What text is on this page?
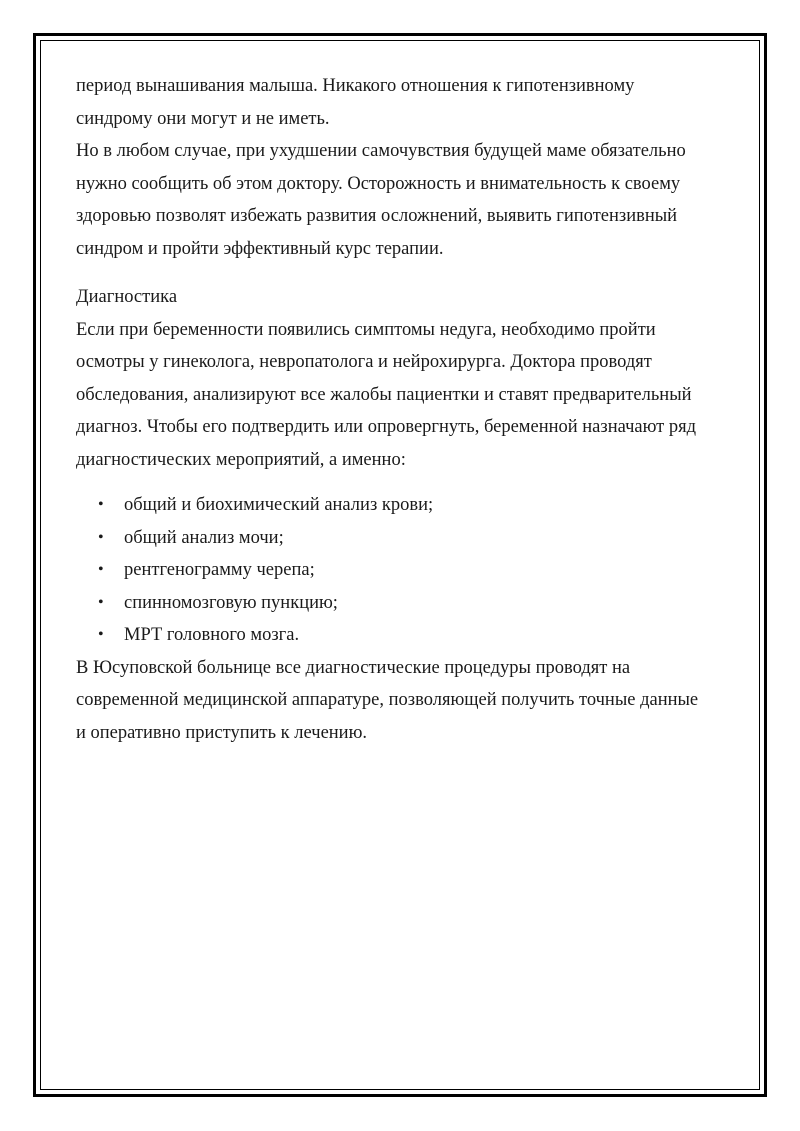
период вынашивания малыша. Никакого отношения к гипотензивному

синдрому они могут и не иметь.

Но в любом случае, при ухудшении самочувствия будущей маме обязательно

нужно сообщить об этом доктору. Осторожность и внимательность к своему

здоровью позволят избежать развития осложнений, выявить гипотензивный

синдром и пройти эффективный курс терапии.

Диагностика

Если при беременности появились симптомы недуга, необходимо пройти

осмотры у гинеколога, невропатолога и нейрохирурга. Доктора проводят

обследования, анализируют все жалобы пациентки и ставят предварительный

диагноз. Чтобы его подтвердить или опровергнуть, беременной назначают ряд

диагностических мероприятий, а именно:

• общий и биохимический анализ крови;
• общий анализ мочи;
• рентгенограмму черепа;
• спинномозговую пункцию;
• МРТ головного мозга.

В Юсуповской больнице все диагностические процедуры проводят на

современной медицинской аппаратуре, позволяющей получить точные данные

и оперативно приступить к лечению.
